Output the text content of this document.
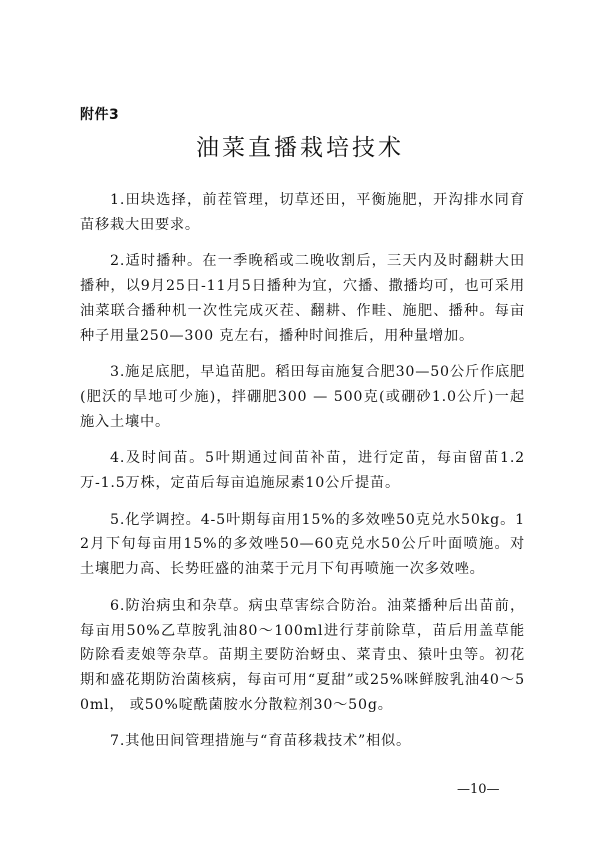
附件3
油菜直播栽培技术

1.田块选择，前茬管理，切草还田，平衡施肥，开沟排水同育苗移栽大田要求。

2.适时播种。在一季晚稻或二晚收割后，三天内及时翻耕大田播种，以9月25日-11月5日播种为宜，穴播、撒播均可，也可采用油菜联合播种机一次性完成灭茬、翻耕、作畦、施肥、播种。每亩种子用量250—300 克左右，播种时间推后，用种量增加。

3.施足底肥，早追苗肥。稻田每亩施复合肥30—50公斤作底肥(肥沃的旱地可少施)，拌硼肥300 — 500克(或硼砂1.0公斤)一起施入土壤中。

4.及时间苗。5叶期通过间苗补苗，进行定苗，每亩留苗1.2万-1.5万株，定苗后每亩追施尿素10公斤提苗。

5.化学调控。4-5叶期每亩用15%的多效唑50克兑水50kg。12月下旬每亩用15%的多效唑50—60克兑水50公斤叶面喷施。对土壤肥力高、长势旺盛的油菜于元月下旬再喷施一次多效唑。

6.防治病虫和杂草。病虫草害综合防治。油菜播种后出苗前，每亩用50%乙草胺乳油80～100ml进行芽前除草，苗后用盖草能防除看麦娘等杂草。苗期主要防治蚜虫、菜青虫、猿叶虫等。初花期和盛花期防治菌核病，每亩可用“夏甜”或25%咪鲜胺乳油40～50ml， 或50%啶酰菌胺水分散粒剂30～50g。

7.其他田间管理措施与“育苗移栽技术”相似。

—10—
